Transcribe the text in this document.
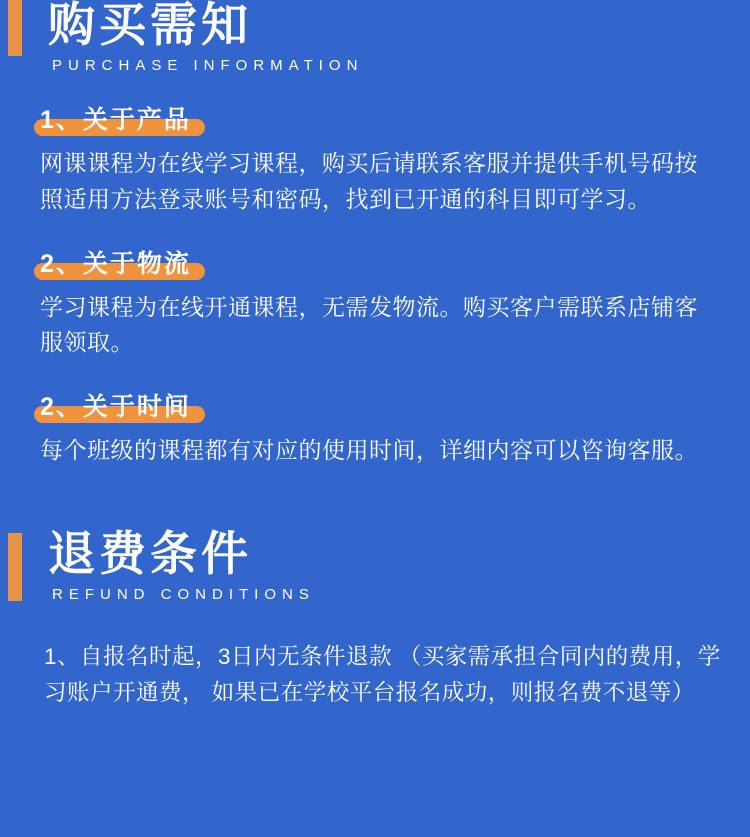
购买需知
PURCHASE INFORMATION
1、关于产品
网课课程为在线学习课程，购买后请联系客服并提供手机号码按照适用方法登录账号和密码，找到已开通的科目即可学习。
2、关于物流
学习课程为在线开通课程，无需发物流。购买客户需联系店铺客服领取。
2、关于时间
每个班级的课程都有对应的使用时间，详细内容可以咨询客服。
退费条件
REFUND CONDITIONS
1、自报名时起，3日内无条件退款 （买家需承担合同内的费用，学习账户开通费， 如果已在学校平台报名成功，则报名费不退等）
